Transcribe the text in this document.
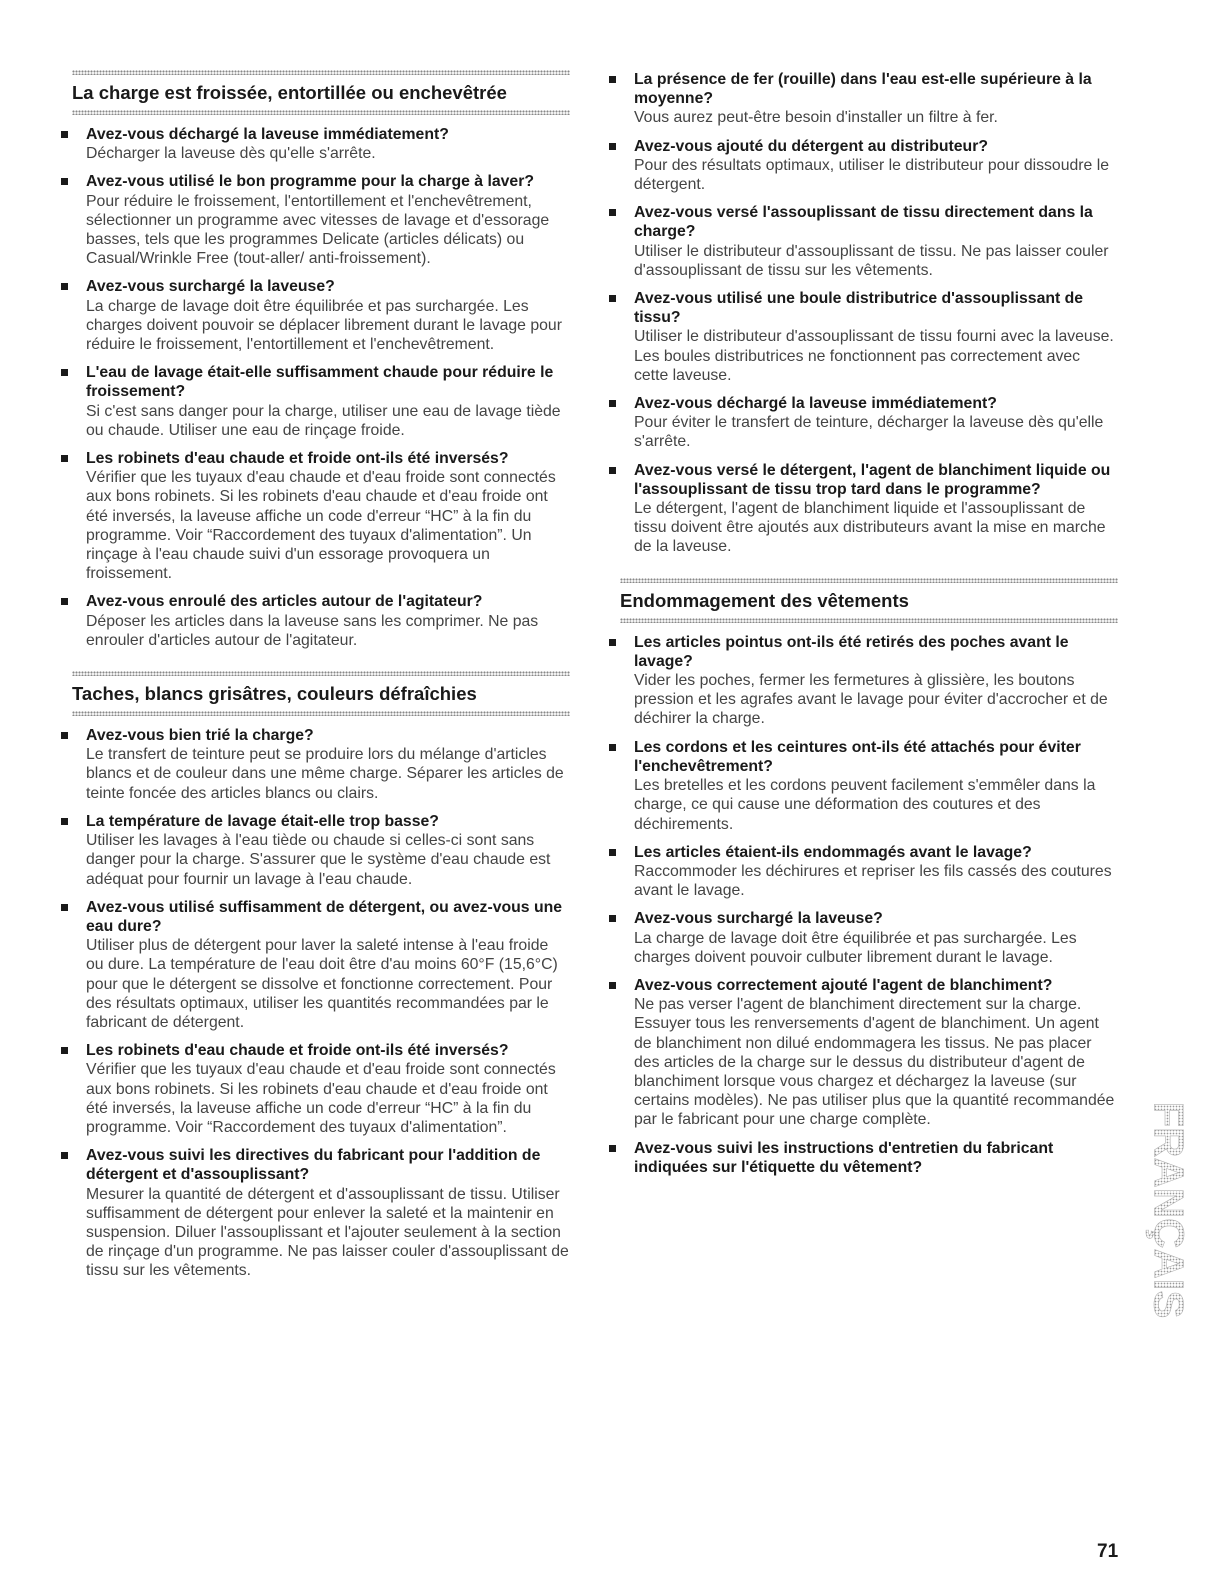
La charge est froissée, entortillée ou enchevêtrée
Avez-vous déchargé la laveuse immédiatement?
Décharger la laveuse dès qu'elle s'arrête.
Avez-vous utilisé le bon programme pour la charge à laver?
Pour réduire le froissement, l'entortillement et l'enchevêtrement, sélectionner un programme avec vitesses de lavage et d'essorage basses, tels que les programmes Delicate (articles délicats) ou Casual/Wrinkle Free (tout-aller/ anti-froissement).
Avez-vous surchargé la laveuse?
La charge de lavage doit être équilibrée et pas surchargée. Les charges doivent pouvoir se déplacer librement durant le lavage pour réduire le froissement, l'entortillement et l'enchevêtrement.
L'eau de lavage était-elle suffisamment chaude pour réduire le froissement?
Si c'est sans danger pour la charge, utiliser une eau de lavage tiède ou chaude. Utiliser une eau de rinçage froide.
Les robinets d'eau chaude et froide ont-ils été inversés?
Vérifier que les tuyaux d'eau chaude et d'eau froide sont connectés aux bons robinets. Si les robinets d'eau chaude et d'eau froide ont été inversés, la laveuse affiche un code d'erreur “HC” à la fin du programme. Voir “Raccordement des tuyaux d'alimentation”. Un rinçage à l'eau chaude suivi d'un essorage provoquera un froissement.
Avez-vous enroulé des articles autour de l'agitateur?
Déposer les articles dans la laveuse sans les comprimer. Ne pas enrouler d'articles autour de l'agitateur.
Taches, blancs grisâtres, couleurs défraîchies
Avez-vous bien trié la charge?
Le transfert de teinture peut se produire lors du mélange d'articles blancs et de couleur dans une même charge. Séparer les articles de teinte foncée des articles blancs ou clairs.
La température de lavage était-elle trop basse?
Utiliser les lavages à l'eau tiède ou chaude si celles-ci sont sans danger pour la charge. S'assurer que le système d'eau chaude est adéquat pour fournir un lavage à l'eau chaude.
Avez-vous utilisé suffisamment de détergent, ou avez-vous une eau dure?
Utiliser plus de détergent pour laver la saleté intense à l'eau froide ou dure. La température de l'eau doit être d'au moins 60°F (15,6°C) pour que le détergent se dissolve et fonctionne correctement. Pour des résultats optimaux, utiliser les quantités recommandées par le fabricant de détergent.
Les robinets d'eau chaude et froide ont-ils été inversés?
Vérifier que les tuyaux d'eau chaude et d'eau froide sont connectés aux bons robinets. Si les robinets d'eau chaude et d'eau froide ont été inversés, la laveuse affiche un code d'erreur “HC” à la fin du programme. Voir “Raccordement des tuyaux d'alimentation”.
Avez-vous suivi les directives du fabricant pour l'addition de détergent et d'assouplissant?
Mesurer la quantité de détergent et d'assouplissant de tissu. Utiliser suffisamment de détergent pour enlever la saleté et la maintenir en suspension. Diluer l'assouplissant et l'ajouter seulement à la section de rinçage d'un programme. Ne pas laisser couler d'assouplissant de tissu sur les vêtements.
La présence de fer (rouille) dans l'eau est-elle supérieure à la moyenne?
Vous aurez peut-être besoin d'installer un filtre à fer.
Avez-vous ajouté du détergent au distributeur?
Pour des résultats optimaux, utiliser le distributeur pour dissoudre le détergent.
Avez-vous versé l'assouplissant de tissu directement dans la charge?
Utiliser le distributeur d'assouplissant de tissu. Ne pas laisser couler d'assouplissant de tissu sur les vêtements.
Avez-vous utilisé une boule distributrice d'assouplissant de tissu?
Utiliser le distributeur d'assouplissant de tissu fourni avec la laveuse. Les boules distributrices ne fonctionnent pas correctement avec cette laveuse.
Avez-vous déchargé la laveuse immédiatement?
Pour éviter le transfert de teinture, décharger la laveuse dès qu'elle s'arrête.
Avez-vous versé le détergent, l'agent de blanchiment liquide ou l'assouplissant de tissu trop tard dans le programme?
Le détergent, l'agent de blanchiment liquide et l'assouplissant de tissu doivent être ajoutés aux distributeurs avant la mise en marche de la laveuse.
Endommagement des vêtements
Les articles pointus ont-ils été retirés des poches avant le lavage?
Vider les poches, fermer les fermetures à glissière, les boutons pression et les agrafes avant le lavage pour éviter d'accrocher et de déchirer la charge.
Les cordons et les ceintures ont-ils été attachés pour éviter l'enchevêtrement?
Les bretelles et les cordons peuvent facilement s'emmêler dans la charge, ce qui cause une déformation des coutures et des déchirements.
Les articles étaient-ils endommagés avant le lavage?
Raccommoder les déchirures et repriser les fils cassés des coutures avant le lavage.
Avez-vous surchargé la laveuse?
La charge de lavage doit être équilibrée et pas surchargée. Les charges doivent pouvoir culbuter librement durant le lavage.
Avez-vous correctement ajouté l'agent de blanchiment?
Ne pas verser l'agent de blanchiment directement sur la charge. Essuyer tous les renversements d'agent de blanchiment. Un agent de blanchiment non dilué endommagera les tissus. Ne pas placer des articles de la charge sur le dessus du distributeur d'agent de blanchiment lorsque vous chargez et déchargez la laveuse (sur certains modèles). Ne pas utiliser plus que la quantité recommandée par le fabricant pour une charge complète.
Avez-vous suivi les instructions d'entretien du fabricant indiquées sur l'étiquette du vêtement?	FRANÇAIS
71
